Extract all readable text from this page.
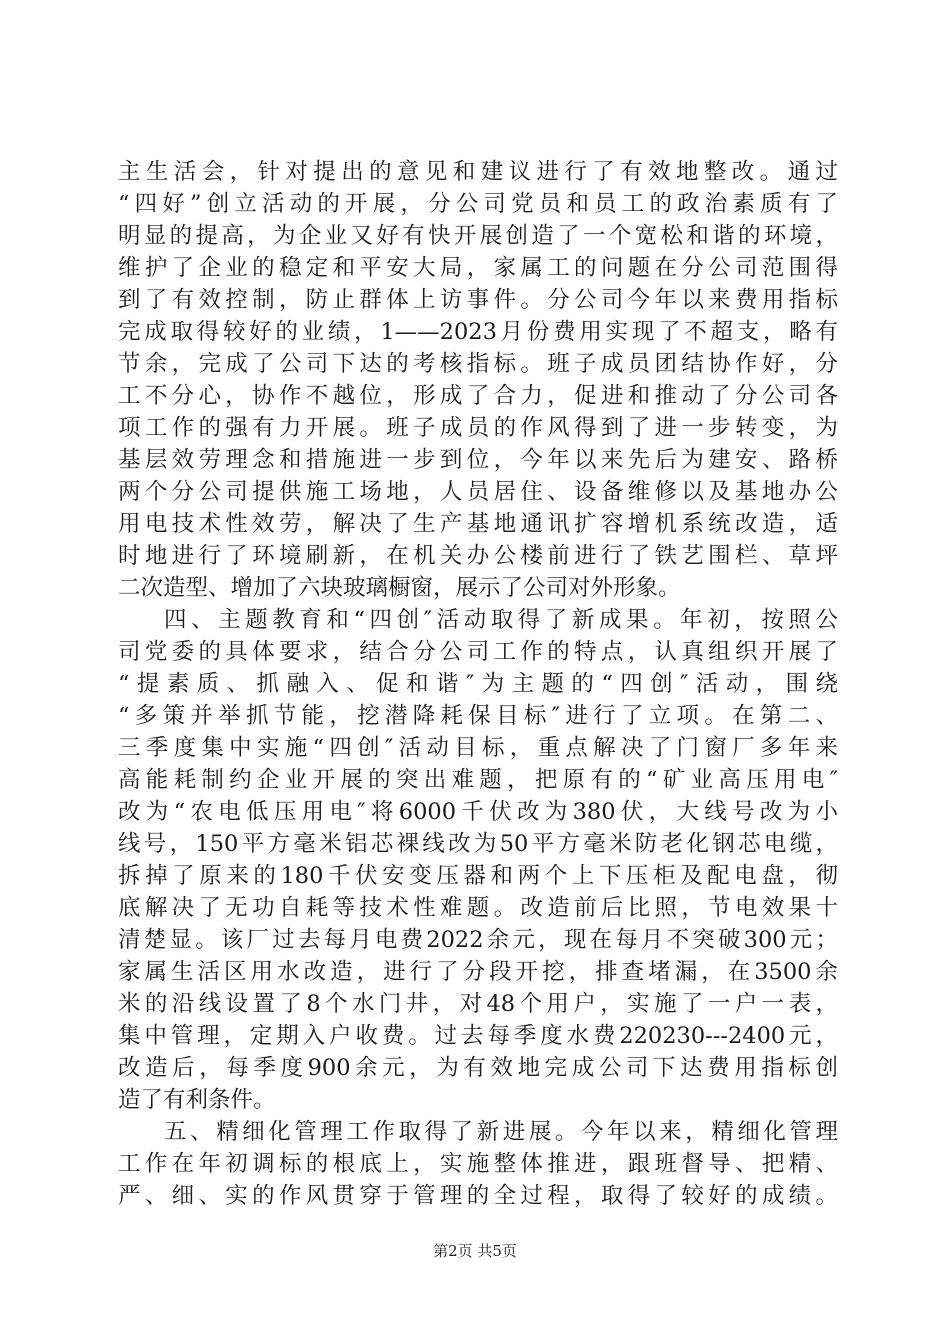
主生活会，针对提出的意见和建议进行了有效地整改。通过
“四好”创立活动的开展，分公司党员和员工的政治素质有了
明显的提高，为企业又好有快开展创造了一个宽松和谐的环境，
维护了企业的稳定和平安大局，家属工的问题在分公司范围得
到了有效控制，防止群体上访事件。分公司今年以来费用指标
完成取得较好的业绩，1——2023月份费用实现了不超支，略有
节余，完成了公司下达的考核指标。班子成员团结协作好，分
工不分心，协作不越位，形成了合力，促进和推动了分公司各
项工作的强有力开展。班子成员的作风得到了进一步转变，为
基层效劳理念和措施进一步到位，今年以来先后为建安、路桥
两个分公司提供施工场地，人员居住、设备维修以及基地办公
用电技术性效劳，解决了生产基地通讯扩容增机系统改造，适
时地进行了环境刷新，在机关办公楼前进行了铁艺围栏、草坪
二次造型、增加了六块玻璃橱窗，展示了公司对外形象。
四、主题教育和“四创″活动取得了新成果。年初，按照公
司党委的具体要求，结合分公司工作的特点，认真组织开展了
“提素质、抓融入、促和谐″为主题的“四创″活动，围绕
“多策并举抓节能，挖潜降耗保目标″进行了立项。在第二、
三季度集中实施“四创″活动目标，重点解决了门窗厂多年来
高能耗制约企业开展的突出难题，把原有的“矿业高压用电″
改为“农电低压用电″将6000千伏改为380伏，大线号改为小
线号，150平方毫米铝芯裸线改为50平方毫米防老化钢芯电缆，
拆掉了原来的180千伏安变压器和两个上下压柜及配电盘，彻
底解决了无功自耗等技术性难题。改造前后比照，节电效果十
清楚显。该厂过去每月电费2022余元，现在每月不突破300元；
家属生活区用水改造，进行了分段开挖，排查堵漏，在3500余
米的沿线设置了8个水门井，对48个用户，实施了一户一表，
集中管理，定期入户收费。过去每季度水费220230---2400元，
改造后，每季度900余元，为有效地完成公司下达费用指标创
造了有利条件。
五、精细化管理工作取得了新进展。今年以来，精细化管理
工作在年初调标的根底上，实施整体推进，跟班督导、把精、
严、细、实的作风贯穿于管理的全过程，取得了较好的成绩。
第2页 共5页
